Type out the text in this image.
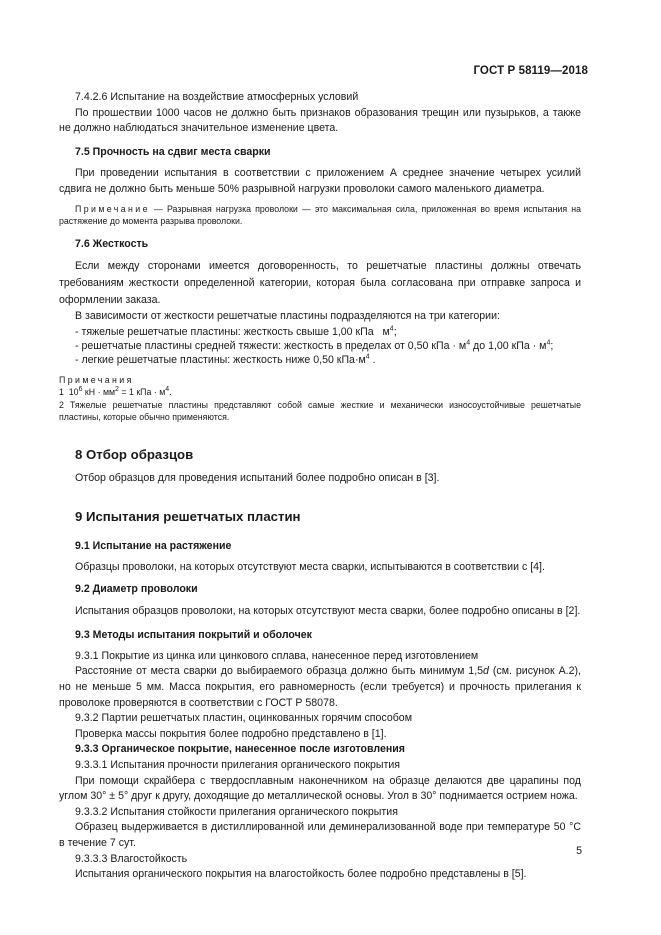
ГОСТ Р 58119—2018

7.4.2.6 Испытание на воздействие атмосферных условий

По прошествии 1000 часов не должно быть признаков образования трещин или пузырьков, а также не должно наблюдаться значительное изменение цвета.

7.5 Прочность на сдвиг места сварки

При проведении испытания в соответствии с приложением А среднее значение четырех усилий сдвига не должно быть меньше 50% разрывной нагрузки проволоки самого маленького диаметра.

Примечание — Разрывная нагрузка проволоки — это максимальная сила, приложенная во время испытания на растяжение до момента разрыва проволоки.

7.6 Жесткость

Если между сторонами имеется договоренность, то решетчатые пластины должны отвечать требованиям жесткости определенной категории, которая была согласована при отправке запроса и оформлении заказа.

В зависимости от жесткости решетчатые пластины подразделяются на три категории:

- тяжелые решетчатые пластины: жесткость свыше 1,00 кПа   $м^4$;

- решетчатые пластины средней тяжести: жесткость в пределах от 0,50 кПа · $м^4$ до 1,00 кПа · $м^4$;

- легкие решетчатые пластины: жесткость ниже 0,50 $кПа\cdot м^4$ .

Примечания

1  $10^6$ кН · $мм^2 = 1$ кПа · $м^4$.

2 Тяжелые решетчатые пластины представляют собой самые жесткие и механически износоустойчивые решетчатые пластины, которые обычно применяются.

8 Отбор образцов

Отбор образцов для проведения испытаний более подробно описан в [3].

9 Испытания решетчатых пластин
9.1 Испытание на растяжение

Образцы проволоки, на которых отсутствуют места сварки, испытываются в соответствии с [4].

9.2 Диаметр проволоки

Испытания образцов проволоки, на которых отсутствуют места сварки, более подробно описаны в [2].

9.3 Методы испытания покрытий и оболочек

9.3.1 Покрытие из цинка или цинкового сплава, нанесенное перед изготовлением

Расстояние от места сварки до выбираемого образца должно быть минимум 1,5d (см. рисунок А.2), но не меньше 5 мм. Масса покрытия, его равномерность (если требуется) и прочность прилегания к проволоке проверяются в соответствии с ГОСТ Р 58078.

9.3.2 Партии решетчатых пластин, оцинкованных горячим способом

Проверка массы покрытия более подробно представлено в [1].

9.3.3 Органическое покрытие, нанесенное после изготовления

9.3.3.1 Испытания прочности прилегания органического покрытия

При помощи скрайбера с твердосплавным наконечником на образце делаются две царапины под углом 30° ± 5° друг к другу, доходящие до металлической основы. Угол в 30° поднимается острием ножа.

9.3.3.2 Испытания стойкости прилегания органического покрытия

Образец выдерживается в дистиллированной или деминерализованной воде при температуре 50 °С в течение 7 сут.

9.3.3.3 Влагостойкость

Испытания органического покрытия на влагостойкость более подробно представлены в [5].

5
